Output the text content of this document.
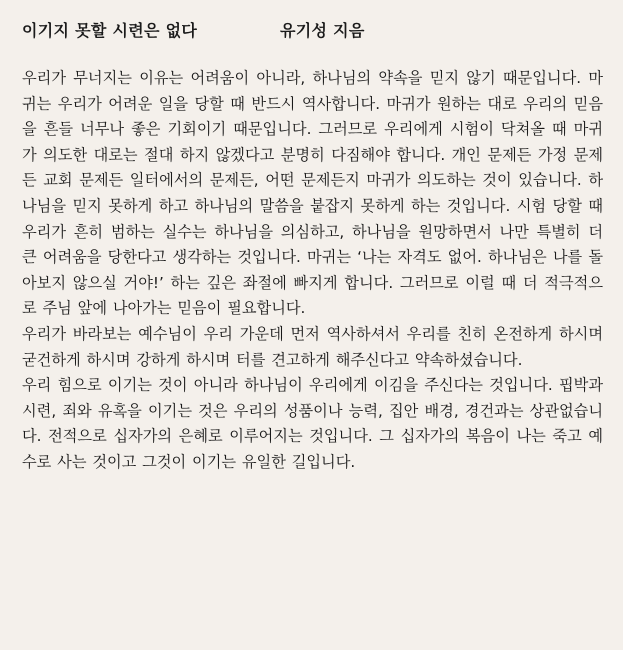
이기지 못할 시련은 없다	유기성 지음

우리가 무너지는 이유는 어려움이 아니라, 하나님의 약속을 믿지 않기 때문입니다. 마귀는 우리가 어려운 일을 당할 때 반드시 역사합니다. 마귀가 원하는 대로 우리의 믿음을 흔들 너무나 좋은 기회이기 때문입니다. 그러므로 우리에게 시험이 닥쳐올 때 마귀가 의도한 대로는 절대 하지 않겠다고 분명히 다짐해야 합니다. 개인 문제든 가정 문제든 교회 문제든 일터에서의 문제든, 어떤 문제든지 마귀가 의도하는 것이 있습니다. 하나님을 믿지 못하게 하고 하나님의 말씀을 붙잡지 못하게 하는 것입니다. 시험 당할 때 우리가 흔히 범하는 실수는 하나님을 의심하고, 하나님을 원망하면서 나만 특별히 더 큰 어려움을 당한다고 생각하는 것입니다. 마귀는 ‘나는 자격도 없어. 하나님은 나를 돌아보지 않으실 거야!’ 하는 깊은 좌절에 빠지게 합니다. 그러므로 이럴 때 더 적극적으로 주님 앞에 나아가는 믿음이 필요합니다.

우리가 바라보는 예수님이 우리 가운데 먼저 역사하셔서 우리를 친히 온전하게 하시며 굳건하게 하시며 강하게 하시며 터를 견고하게 해주신다고 약속하셨습니다.

우리 힘으로 이기는 것이 아니라 하나님이 우리에게 이김을 주신다는 것입니다. 핍박과 시련, 죄와 유혹을 이기는 것은 우리의 성품이나 능력, 집안 배경, 경건과는 상관없습니다. 전적으로 십자가의 은혜로 이루어지는 것입니다. 그 십자가의 복음이 나는 죽고 예수로 사는 것이고 그것이 이기는 유일한 길입니다.
